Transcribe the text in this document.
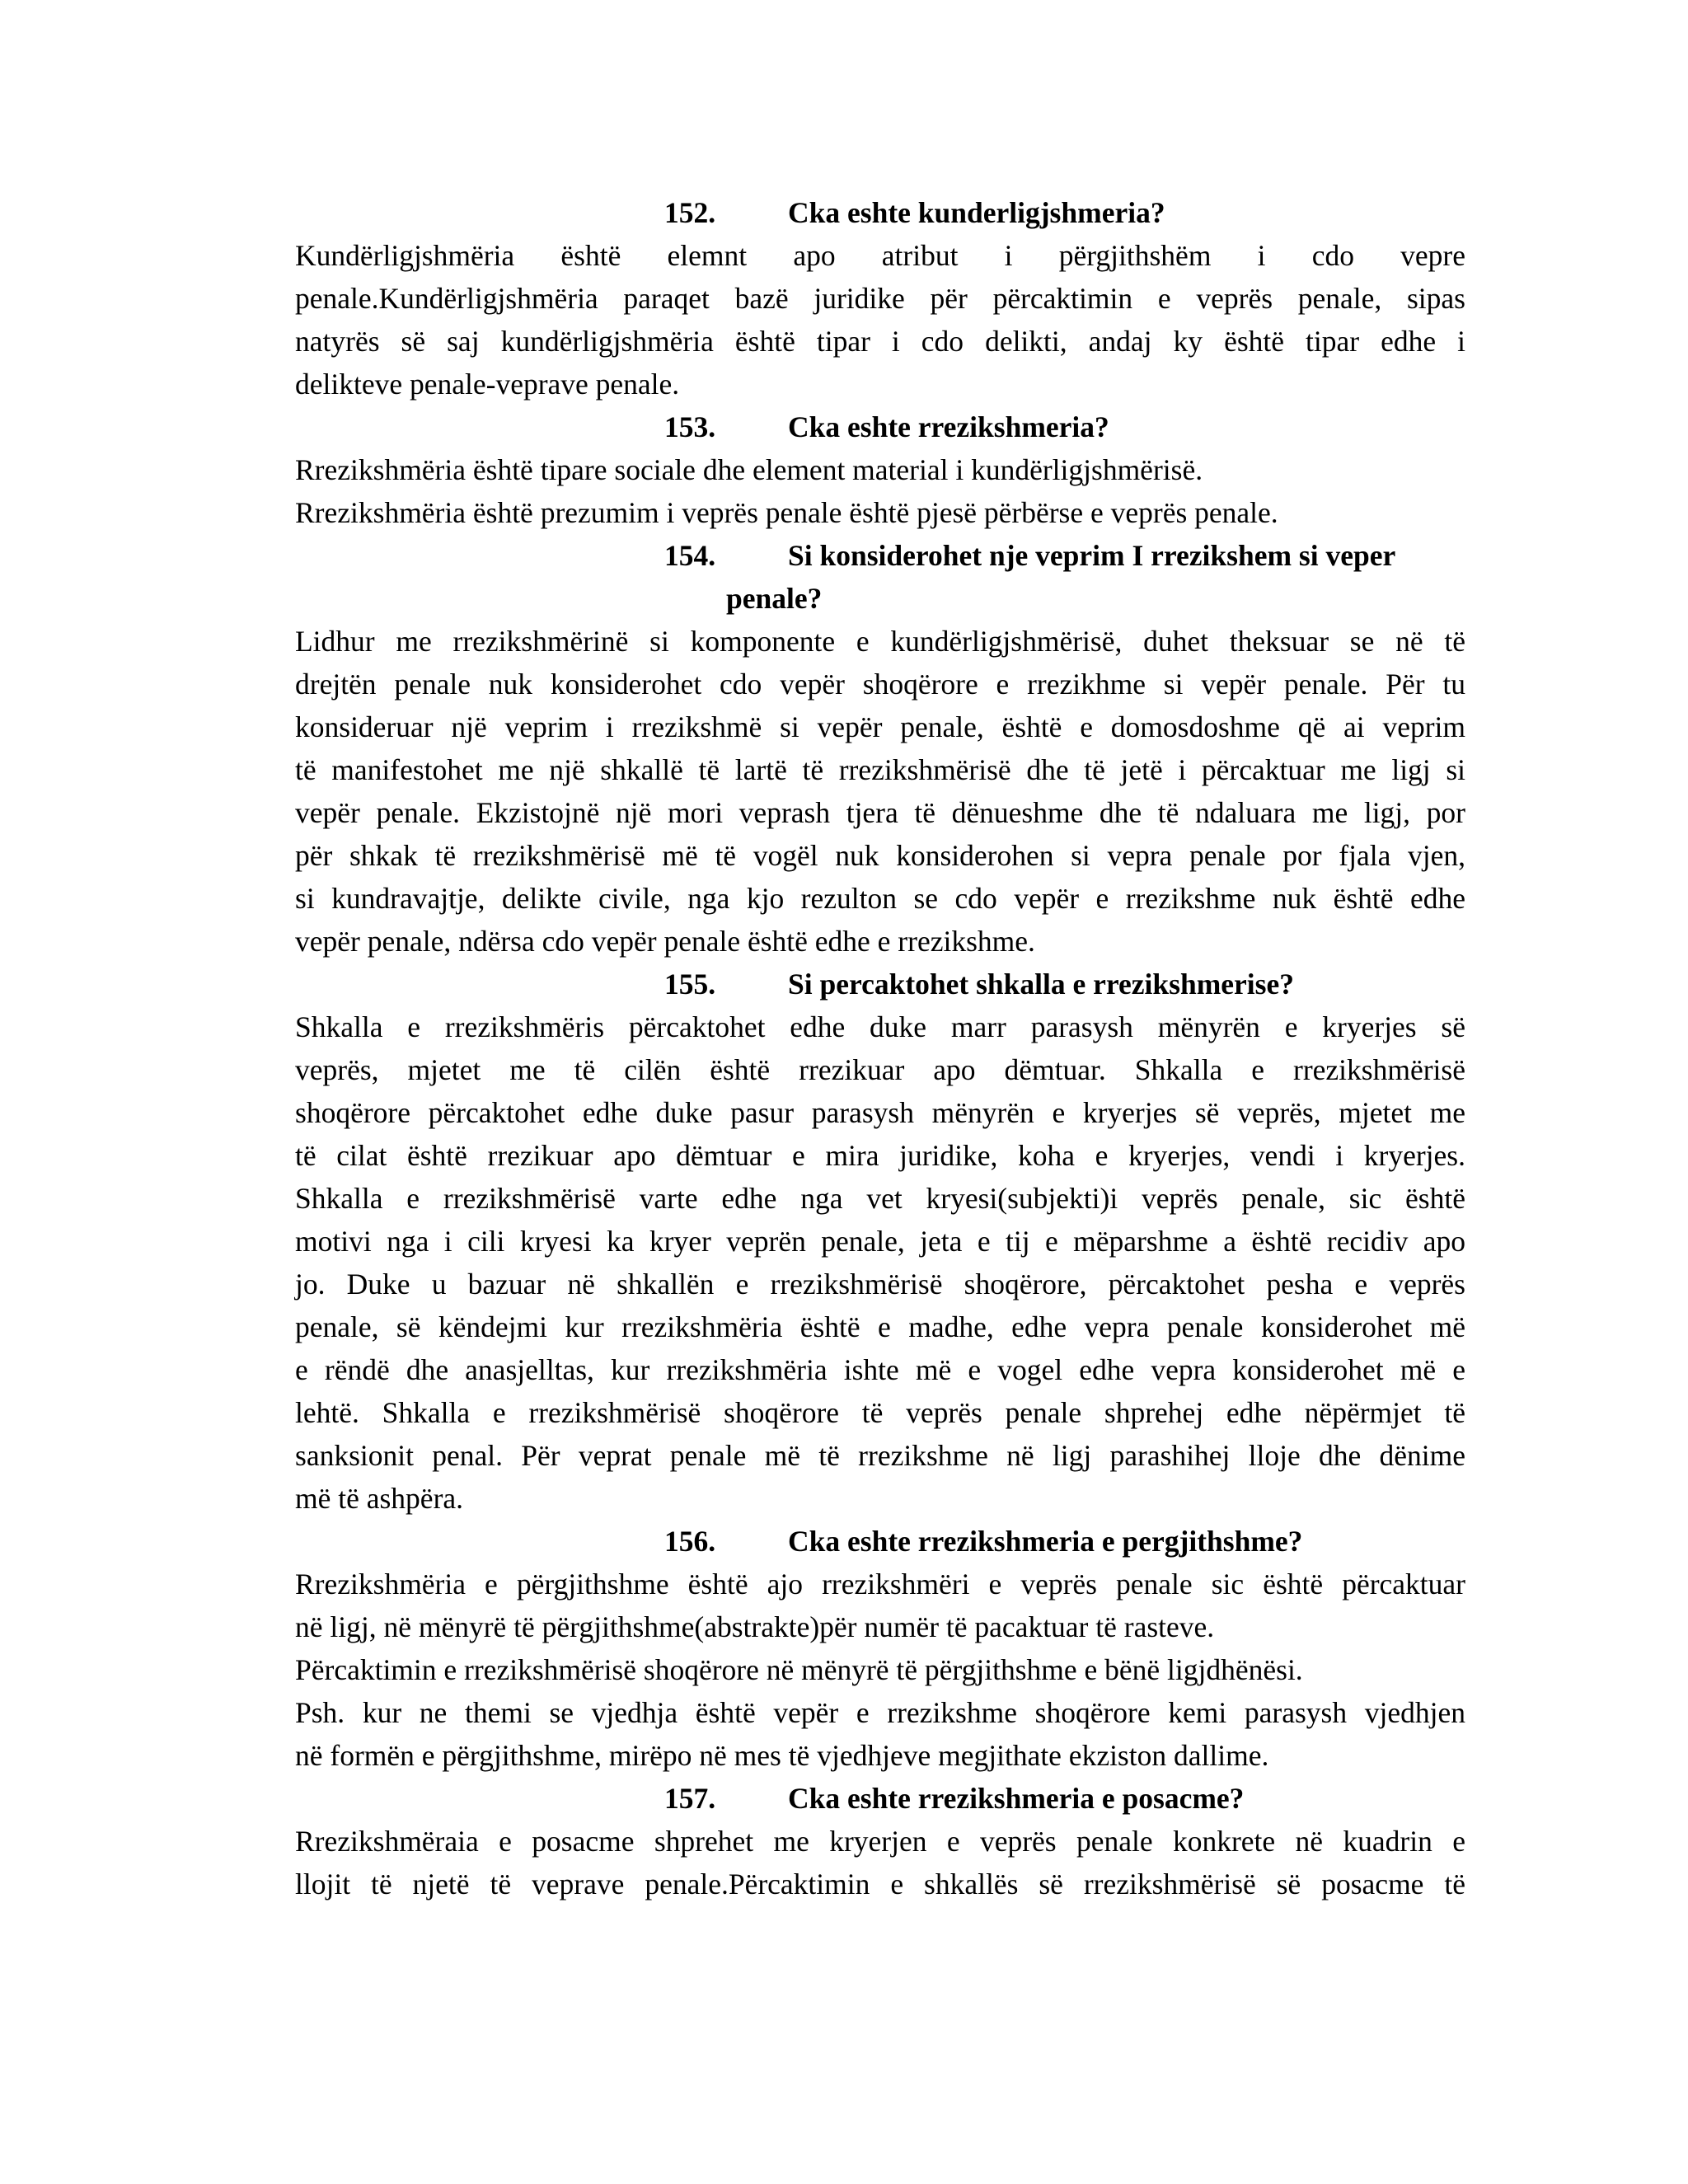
152.	Cka eshte kunderligjshmeria?

Kundërligjshmëria është elemnt apo atribut i përgjithshëm i cdo vepre
penale.Kundërligjshmëria paraqet bazë juridike për përcaktimin e veprës penale, sipas
natyrës së saj kundërligjshmëria është tipar i cdo delikti, andaj ky është tipar edhe i
delikteve penale-veprave penale.

153.	Cka eshte rrezikshmeria?

Rrezikshmëria është tipare sociale dhe element material i kundërligjshmërisë.
Rrezikshmëria është prezumim i veprës penale është pjesë përbërse e veprës penale.

154.	Si konsiderohet nje veprim I rrezikshem si veper
penale?

Lidhur me rrezikshmërinë si komponente e kundërligjshmërisë, duhet theksuar se në të
drejtën penale nuk konsiderohet cdo vepër shoqërore e rrezikhme si vepër penale. Për tu
konsideruar një veprim i rrezikshmë si vepër penale, është e domosdoshme që ai veprim
të manifestohet me një shkallë të lartë të rrezikshmërisë dhe të jetë i përcaktuar me ligj si
vepër penale. Ekzistojnë një mori veprash tjera të dënueshme dhe të ndaluara me ligj, por
për shkak të rrezikshmërisë më të vogël nuk konsiderohen si vepra penale por fjala vjen,
si kundravajtje, delikte civile, nga kjo rezulton se cdo vepër e rrezikshme nuk është edhe
vepër penale, ndërsa cdo vepër penale është edhe e rrezikshme.

155.	Si percaktohet shkalla e rrezikshmerise?

Shkalla e rrezikshmëris përcaktohet edhe duke marr parasysh mënyrën e kryerjes së
veprës, mjetet me të cilën është rrezikuar apo dëmtuar. Shkalla e rrezikshmërisë
shoqërore përcaktohet edhe duke pasur parasysh mënyrën e kryerjes së veprës, mjetet me
të cilat është rrezikuar apo dëmtuar e mira juridike, koha e kryerjes, vendi i kryerjes.
Shkalla e rrezikshmërisë varte edhe nga vet kryesi(subjekti)i veprës penale, sic është
motivi nga i cili kryesi ka kryer veprën penale, jeta e tij e mëparshme a është recidiv apo
jo. Duke u bazuar në shkallën e rrezikshmërisë shoqërore, përcaktohet pesha e veprës
penale, së këndejmi kur rrezikshmëria është e madhe, edhe vepra penale konsiderohet më
e rëndë dhe anasjelltas, kur rrezikshmëria ishte më e vogel edhe vepra konsiderohet më e
lehtë. Shkalla e rrezikshmërisë shoqërore të veprës penale shprehej edhe nëpërmjet të
sanksionit penal. Për veprat penale më të rrezikshme në ligj parashihej lloje dhe dënime
më të ashpëra.

156.	Cka eshte rrezikshmeria e pergjithshme?

Rrezikshmëria e përgjithshme është ajo rrezikshmëri e veprës penale sic është përcaktuar
në ligj, në mënyrë të përgjithshme(abstrakte)për numër të pacaktuar të rasteve.
Përcaktimin e rrezikshmërisë shoqërore në mënyrë të përgjithshme e bënë ligjdhënësi.
Psh. kur ne themi se vjedhja është vepër e rrezikshme shoqërore kemi parasysh vjedhjen
në formën e përgjithshme, mirëpo në mes të vjedhjeve megjithate ekziston dallime.

157.	Cka eshte rrezikshmeria e posacme?

Rrezikshmëraia e posacme shprehet me kryerjen e veprës penale konkrete në kuadrin e
llojit të njetë të veprave penale.Përcaktimin e shkallës së rrezikshmërisë së posacme të
